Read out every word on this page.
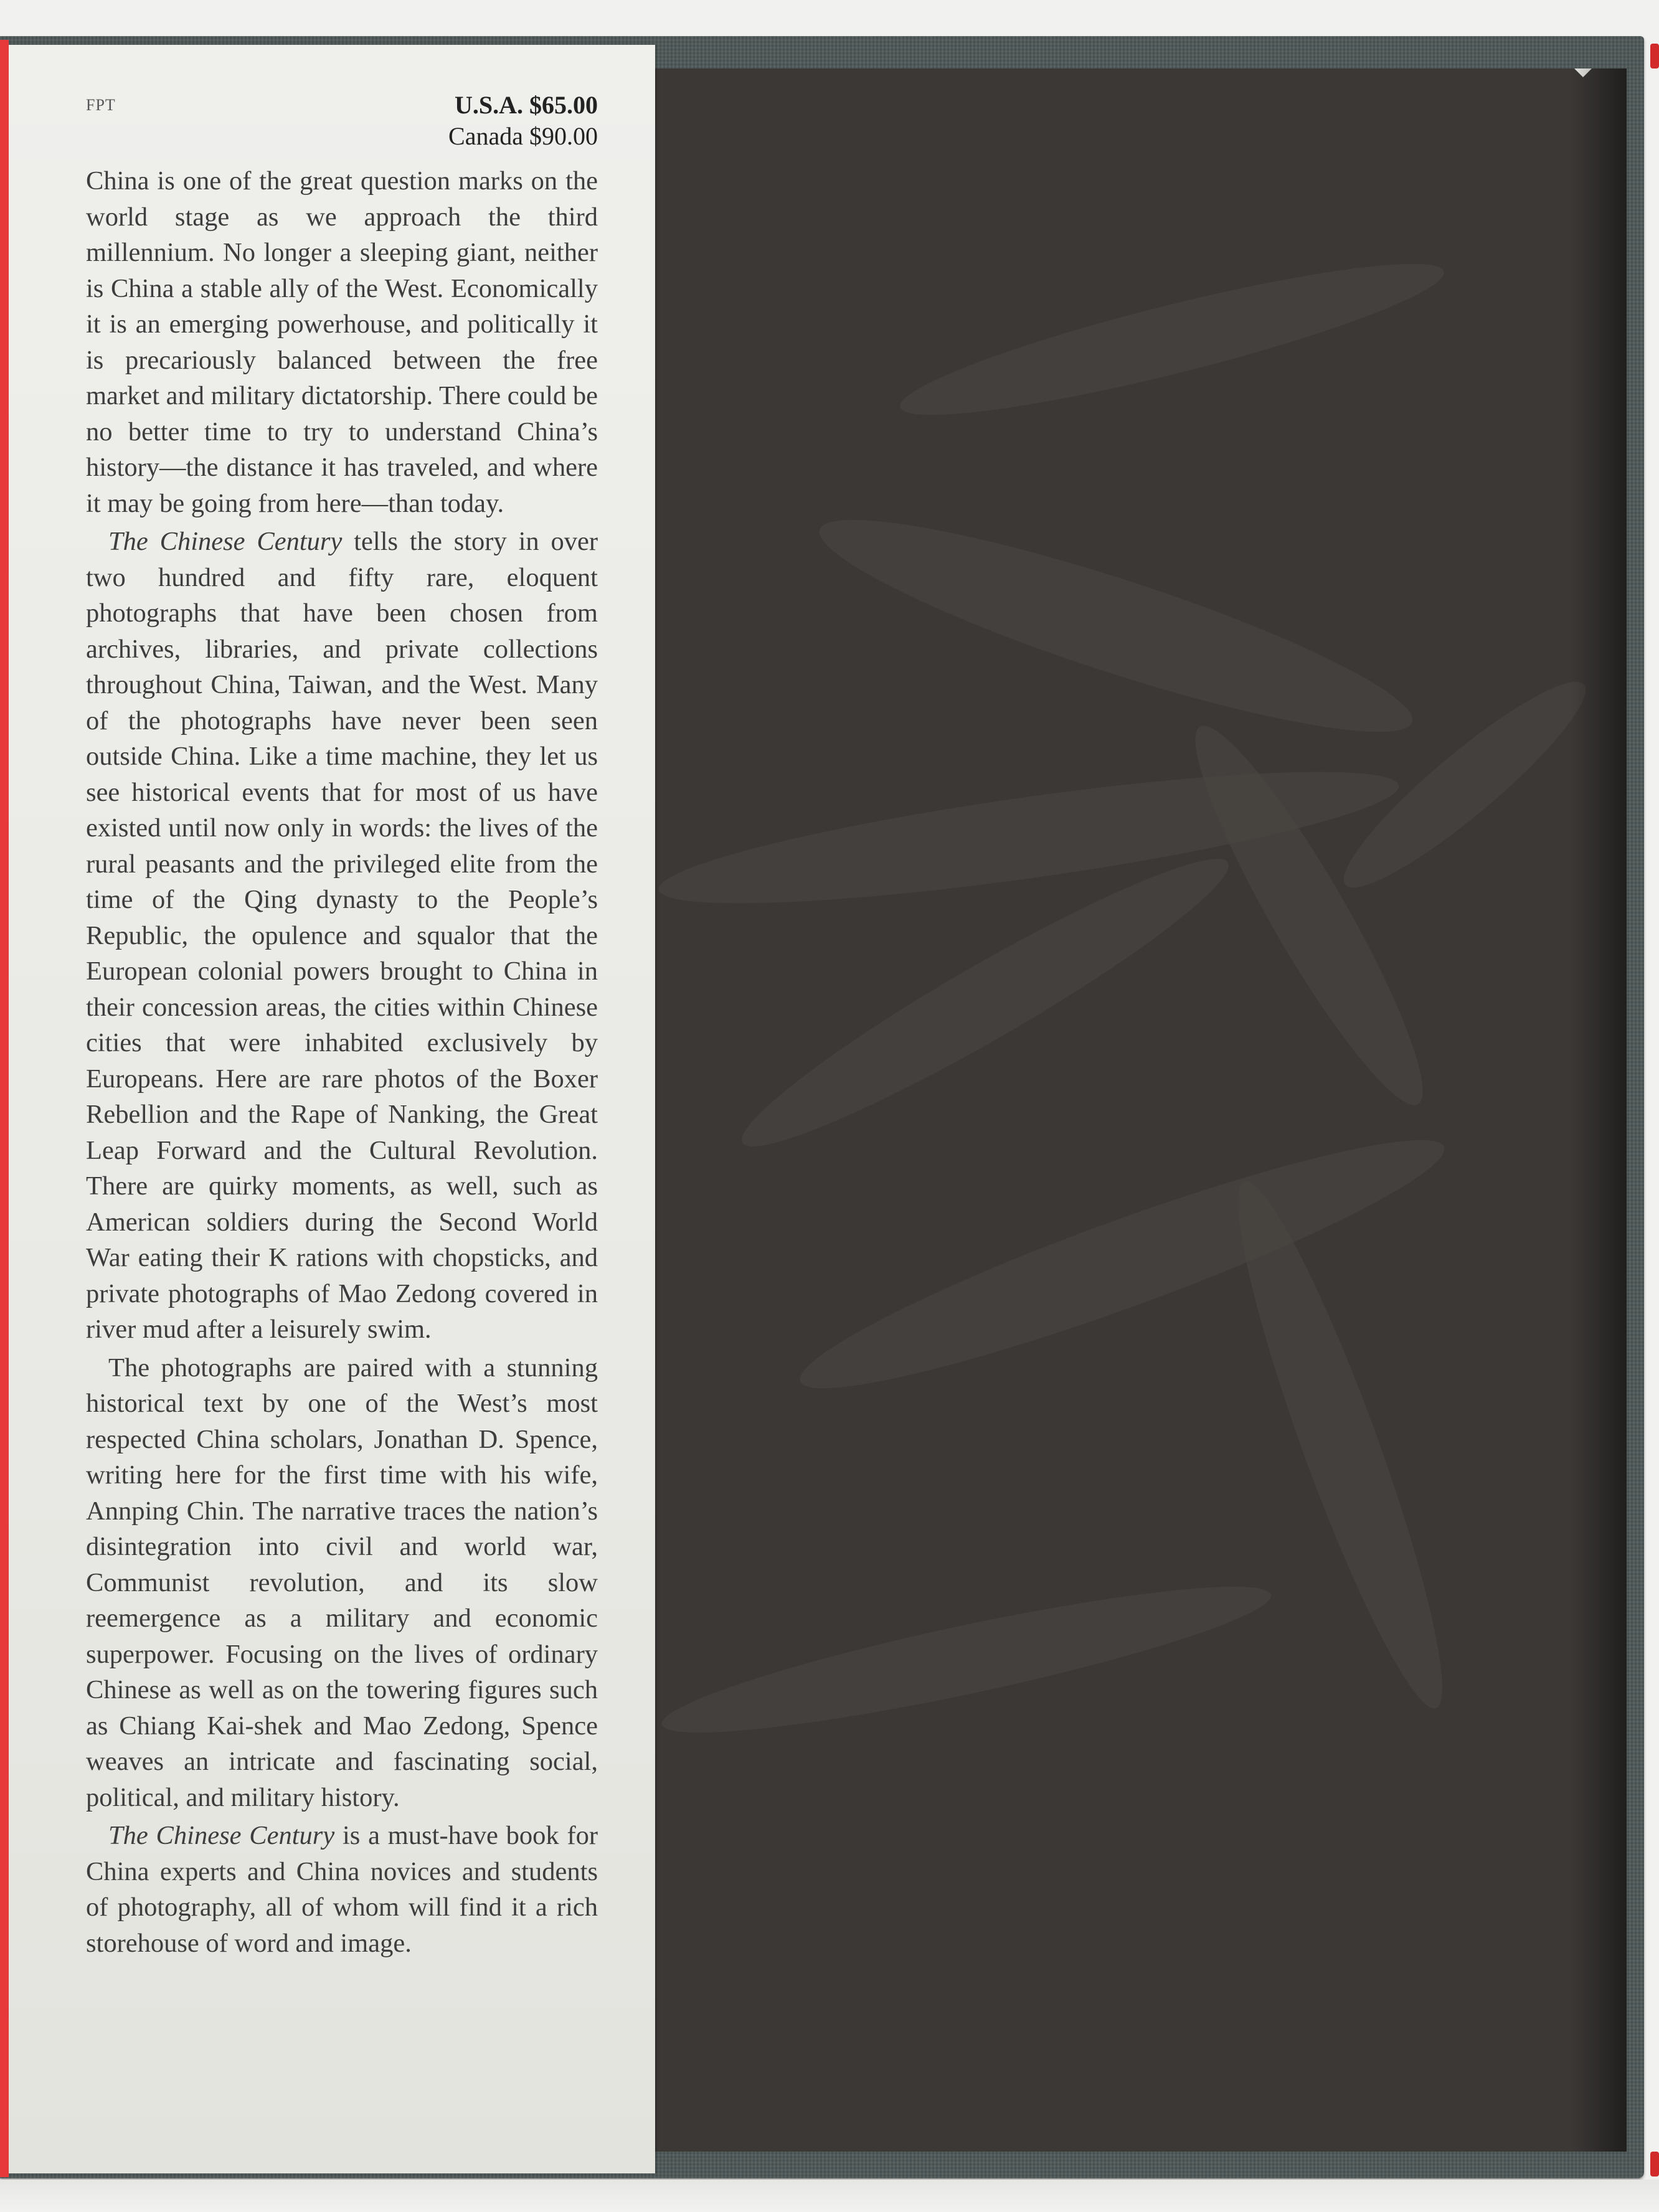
FPT	U.S.A. $65.00
Canada $90.00

China is one of the great question marks on the world stage as we approach the third millennium. No longer a sleeping giant, neither is China a stable ally of the West. Economically it is an emerging powerhouse, and politically it is precariously balanced between the free market and military dictatorship. There could be no better time to try to understand China’s history—the distance it has traveled, and where it may be going from here—than today.

The Chinese Century tells the story in over two hundred and fifty rare, eloquent photographs that have been chosen from archives, libraries, and private collections throughout China, Taiwan, and the West. Many of the photographs have never been seen outside China. Like a time machine, they let us see historical events that for most of us have existed until now only in words: the lives of the rural peasants and the privileged elite from the time of the Qing dynasty to the People’s Republic, the opulence and squalor that the European colonial powers brought to China in their concession areas, the cities within Chinese cities that were inhabited exclusively by Europeans. Here are rare photos of the Boxer Rebellion and the Rape of Nanking, the Great Leap Forward and the Cultural Revolution. There are quirky moments, as well, such as American soldiers during the Second World War eating their K rations with chopsticks, and private photographs of Mao Zedong covered in river mud after a leisurely swim.

The photographs are paired with a stunning historical text by one of the West’s most respected China scholars, Jonathan D. Spence, writing here for the first time with his wife, Annping Chin. The narrative traces the nation’s disintegration into civil and world war, Communist revolution, and its slow reemergence as a military and economic superpower. Focusing on the lives of ordinary Chinese as well as on the towering figures such as Chiang Kai-shek and Mao Zedong, Spence weaves an intricate and fascinating social, political, and military history.

The Chinese Century is a must-have book for China experts and China novices and students of photography, all of whom will find it a rich storehouse of word and image.
